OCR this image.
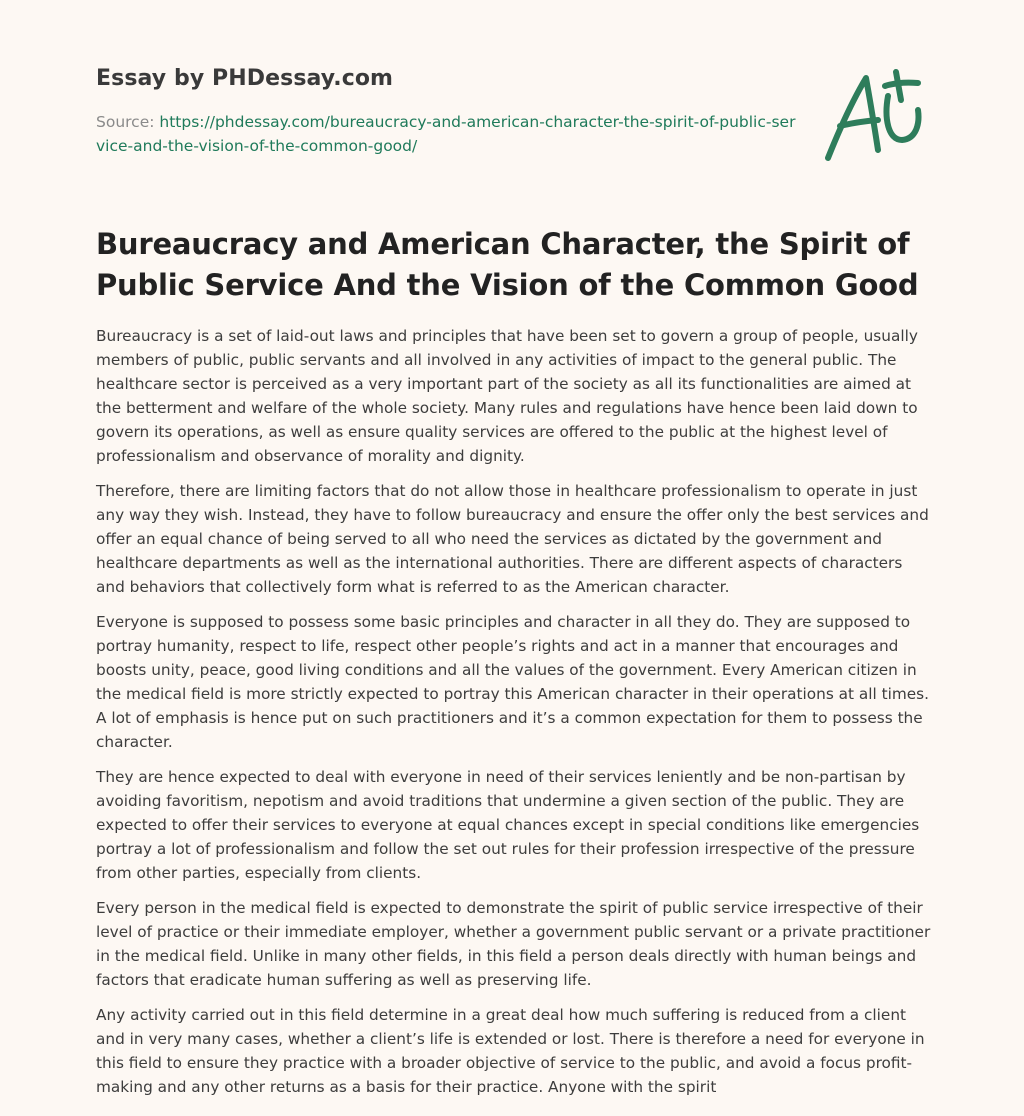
Essay by PHDessay.com

Source: https://phdessay.com/bureaucracy-and-american-character-the-spirit-of-public-service-and-the-vision-of-the-common-good/

Bureaucracy and American Character, the Spirit of Public Service And the Vision of the Common Good

Bureaucracy is a set of laid-out laws and principles that have been set to govern a group of people, usually members of public, public servants and all involved in any activities of impact to the general public. The healthcare sector is perceived as a very important part of the society as all its functionalities are aimed at the betterment and welfare of the whole society. Many rules and regulations have hence been laid down to govern its operations, as well as ensure quality services are offered to the public at the highest level of professionalism and observance of morality and dignity.

Therefore, there are limiting factors that do not allow those in healthcare professionalism to operate in just any way they wish. Instead, they have to follow bureaucracy and ensure the offer only the best services and offer an equal chance of being served to all who need the services as dictated by the government and healthcare departments as well as the international authorities. There are different aspects of characters and behaviors that collectively form what is referred to as the American character.

Everyone is supposed to possess some basic principles and character in all they do. They are supposed to portray humanity, respect to life, respect other people’s rights and act in a manner that encourages and boosts unity, peace, good living conditions and all the values of the government. Every American citizen in the medical field is more strictly expected to portray this American character in their operations at all times. A lot of emphasis is hence put on such practitioners and it’s a common expectation for them to possess the character.

They are hence expected to deal with everyone in need of their services leniently and be non-partisan by avoiding favoritism, nepotism and avoid traditions that undermine a given section of the public. They are expected to offer their services to everyone at equal chances except in special conditions like emergencies portray a lot of professionalism and follow the set out rules for their profession irrespective of the pressure from other parties, especially from clients.

Every person in the medical field is expected to demonstrate the spirit of public service irrespective of their level of practice or their immediate employer, whether a government public servant or a private practitioner in the medical field. Unlike in many other fields, in this field a person deals directly with human beings and factors that eradicate human suffering as well as preserving life.

Any activity carried out in this field determine in a great deal how much suffering is reduced from a client and in very many cases, whether a client’s life is extended or lost. There is therefore a need for everyone in this field to ensure they practice with a broader objective of service to the public, and avoid a focus profit-making and any other returns as a basis for their practice. Anyone with the spirit
